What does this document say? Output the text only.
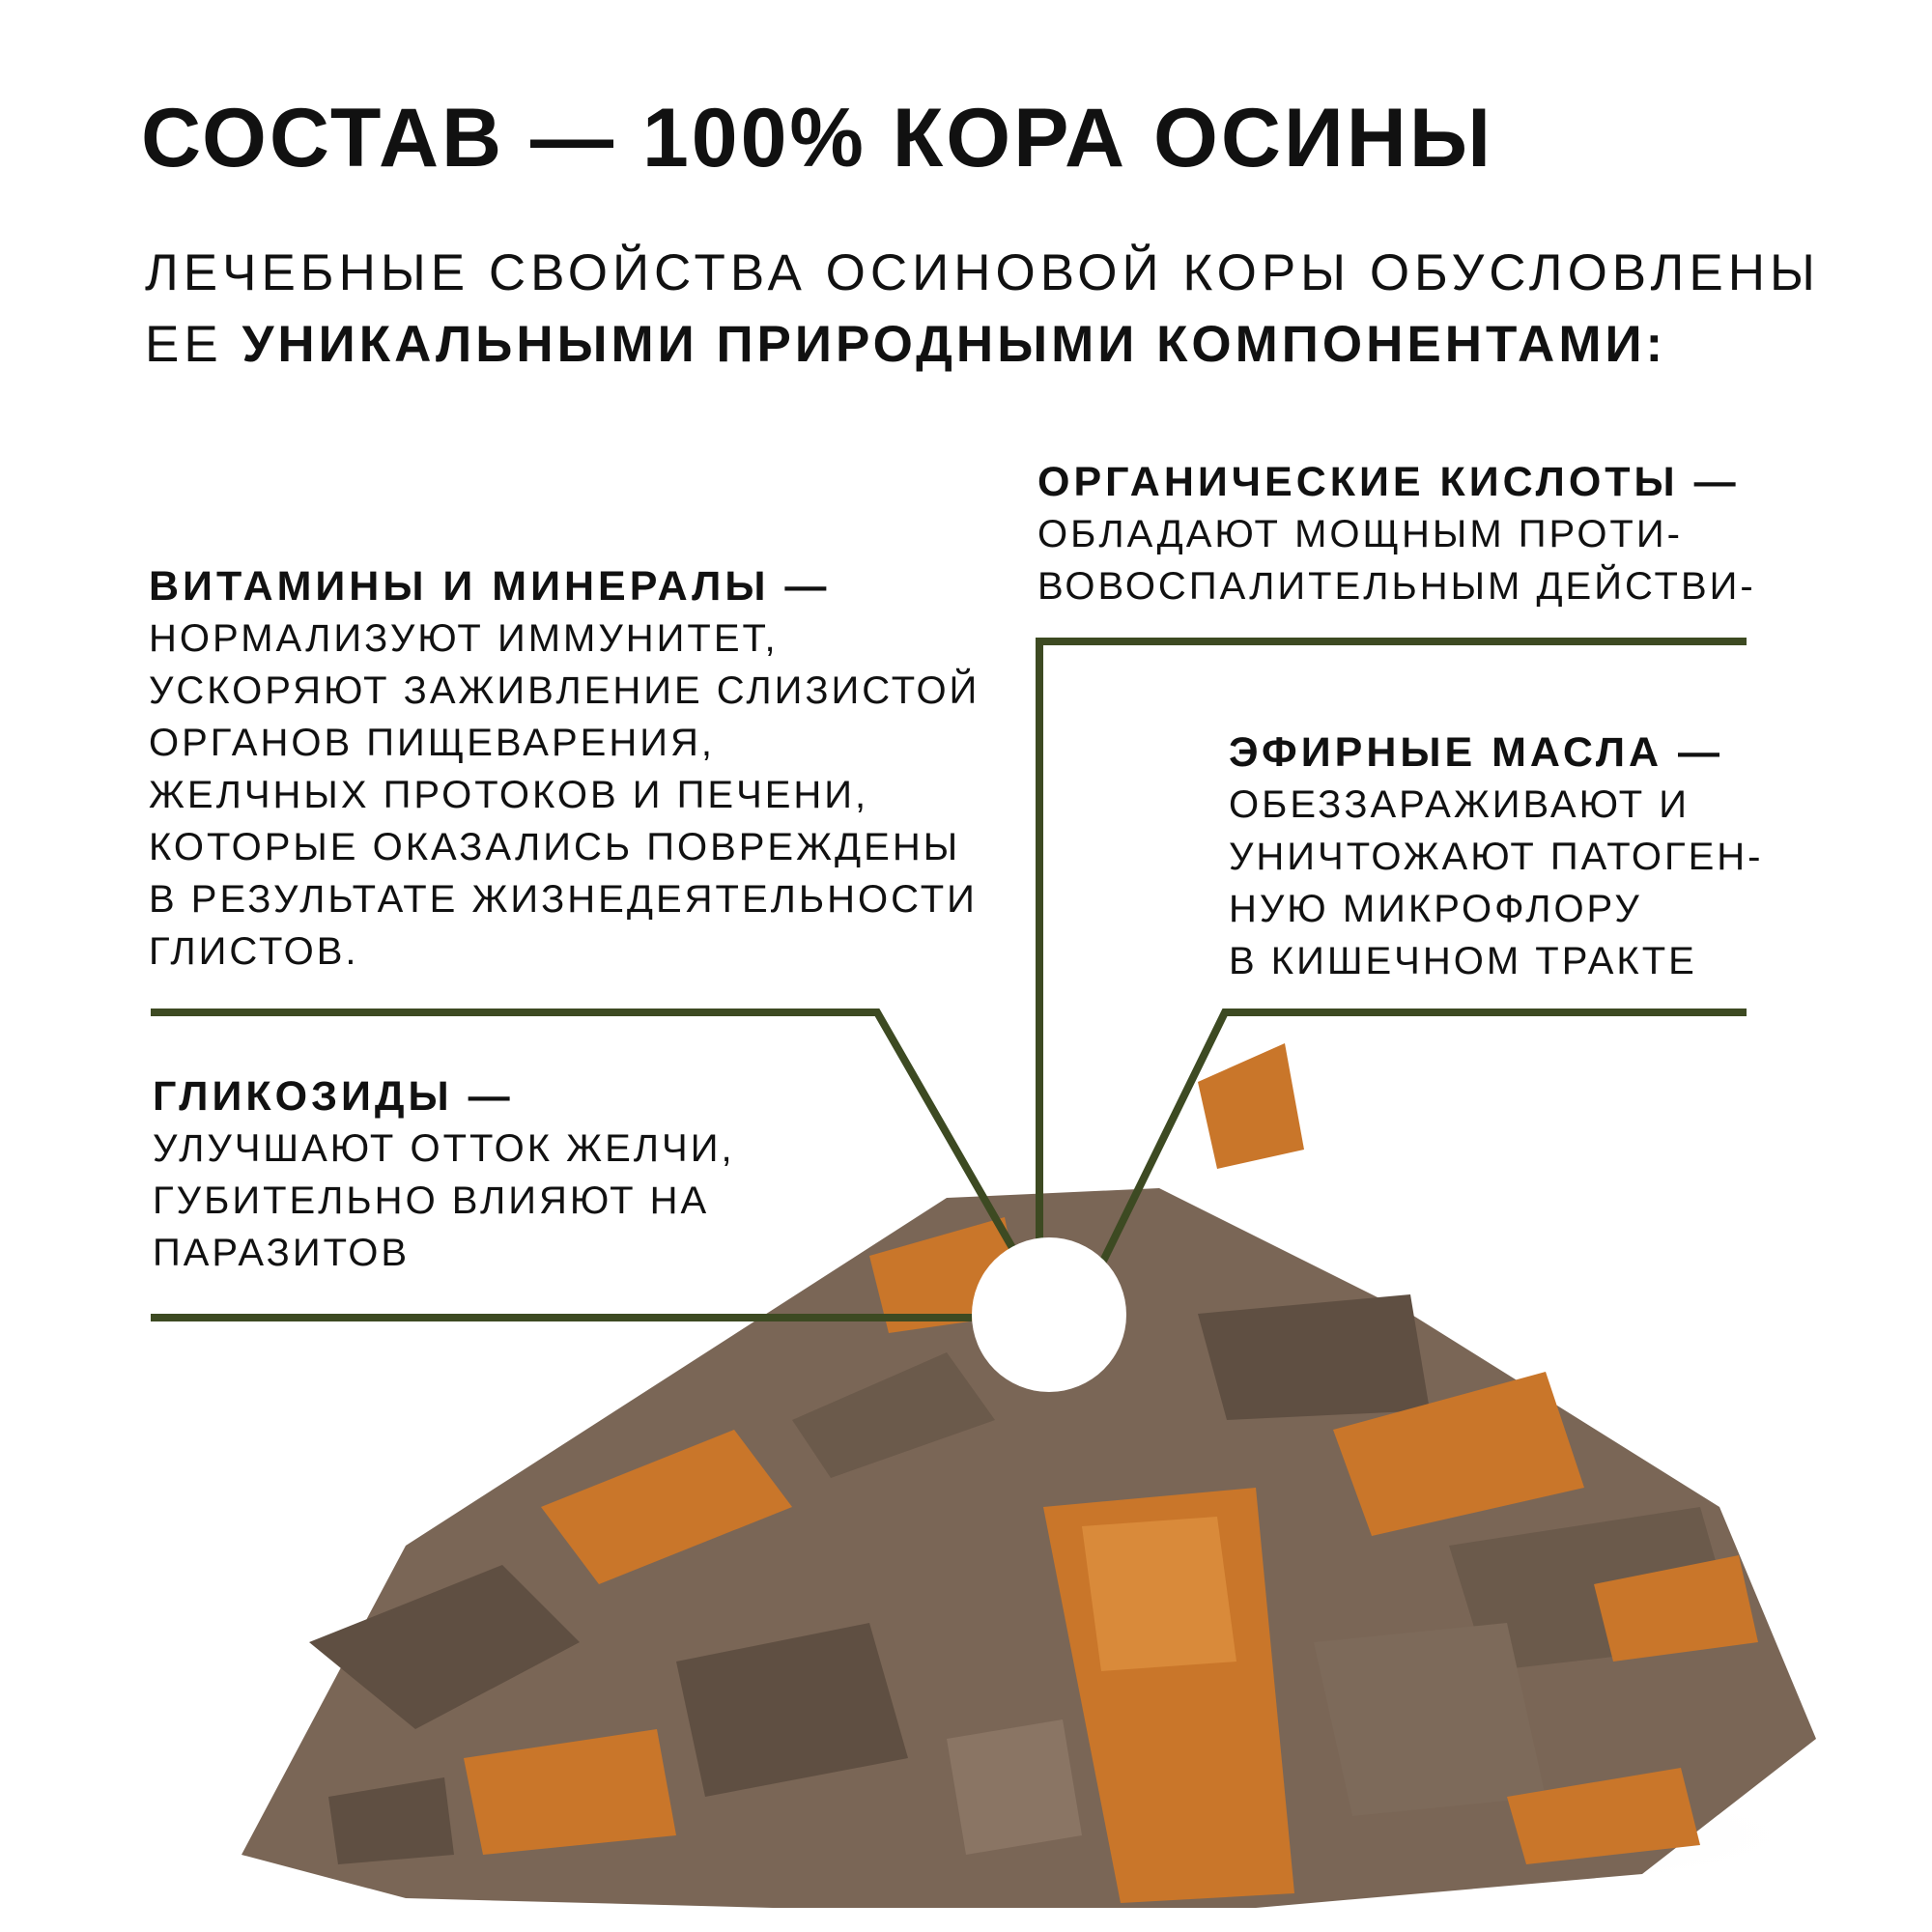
СОСТАВ — 100% КОРА ОСИНЫ
ЛЕЧЕБНЫЕ СВОЙСТВА ОСИНОВОЙ КОРЫ ОБУСЛОВЛЕНЫ
ЕЕ УНИКАЛЬНЫМИ ПРИРОДНЫМИ КОМПОНЕНТАМИ:
ВИТАМИНЫ И МИНЕРАЛЫ —
НОРМАЛИЗУЮТ ИММУНИТЕТ,
УСКОРЯЮТ ЗАЖИВЛЕНИЕ СЛИЗИСТОЙ
ОРГАНОВ ПИЩЕВАРЕНИЯ,
ЖЕЛЧНЫХ ПРОТОКОВ И ПЕЧЕНИ,
КОТОРЫЕ ОКАЗАЛИСЬ ПОВРЕЖДЕНЫ
В РЕЗУЛЬТАТЕ ЖИЗНЕДЕЯТЕЛЬНОСТИ
ГЛИСТОВ.
ОРГАНИЧЕСКИЕ КИСЛОТЫ —
ОБЛАДАЮТ МОЩНЫМ ПРОТИ-
ВОВОСПАЛИТЕЛЬНЫМ ДЕЙСТВИ-
ЭФИРНЫЕ МАСЛА —
ОБЕЗЗАРАЖИВАЮТ И
УНИЧТОЖАЮТ ПАТОГЕН-
НУЮ МИКРОФЛОРУ
В КИШЕЧНОМ ТРАКТЕ
ГЛИКОЗИДЫ —
УЛУЧШАЮТ ОТТОК ЖЕЛЧИ,
ГУБИТЕЛЬНО ВЛИЯЮТ НА
ПАРАЗИТОВ
